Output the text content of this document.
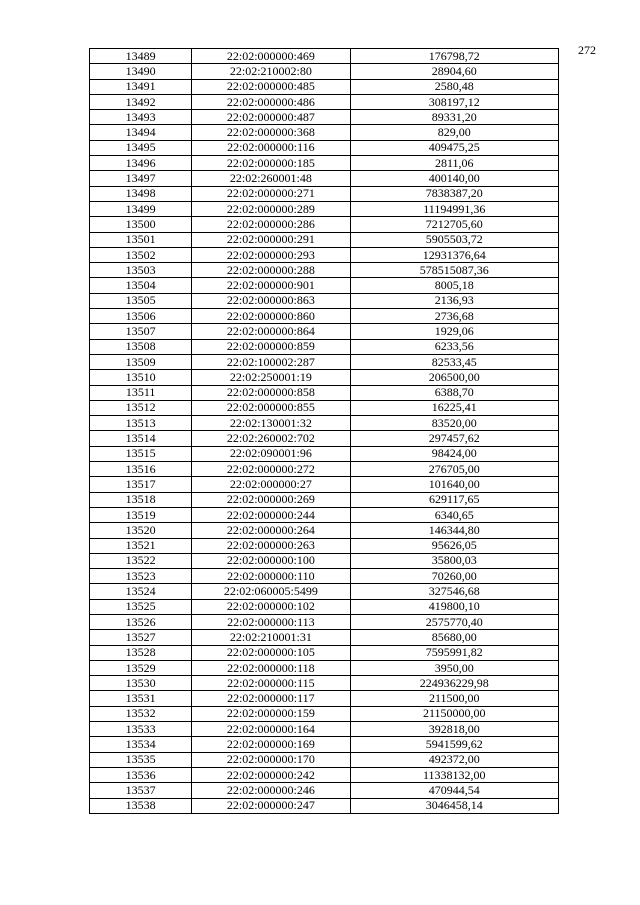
272
13489	22:02:000000:469	176798,72
13490	22:02:210002:80	28904,60
13491	22:02:000000:485	2580,48
13492	22:02:000000:486	308197,12
13493	22:02:000000:487	89331,20
13494	22:02:000000:368	829,00
13495	22:02:000000:116	409475,25
13496	22:02:000000:185	2811,06
13497	22:02:260001:48	400140,00
13498	22:02:000000:271	7838387,20
13499	22:02:000000:289	11194991,36
13500	22:02:000000:286	7212705,60
13501	22:02:000000:291	5905503,72
13502	22:02:000000:293	12931376,64
13503	22:02:000000:288	578515087,36
13504	22:02:000000:901	8005,18
13505	22:02:000000:863	2136,93
13506	22:02:000000:860	2736,68
13507	22:02:000000:864	1929,06
13508	22:02:000000:859	6233,56
13509	22:02:100002:287	82533,45
13510	22:02:250001:19	206500,00
13511	22:02:000000:858	6388,70
13512	22:02:000000:855	16225,41
13513	22:02:130001:32	83520,00
13514	22:02:260002:702	297457,62
13515	22:02:090001:96	98424,00
13516	22:02:000000:272	276705,00
13517	22:02:000000:27	101640,00
13518	22:02:000000:269	629117,65
13519	22:02:000000:244	6340,65
13520	22:02:000000:264	146344,80
13521	22:02:000000:263	95626,05
13522	22:02:000000:100	35800,03
13523	22:02:000000:110	70260,00
13524	22:02:060005:5499	327546,68
13525	22:02:000000:102	419800,10
13526	22:02:000000:113	2575770,40
13527	22:02:210001:31	85680,00
13528	22:02:000000:105	7595991,82
13529	22:02:000000:118	3950,00
13530	22:02:000000:115	224936229,98
13531	22:02:000000:117	211500,00
13532	22:02:000000:159	21150000,00
13533	22:02:000000:164	392818,00
13534	22:02:000000:169	5941599,62
13535	22:02:000000:170	492372,00
13536	22:02:000000:242	11338132,00
13537	22:02:000000:246	470944,54
13538	22:02:000000:247	3046458,14
